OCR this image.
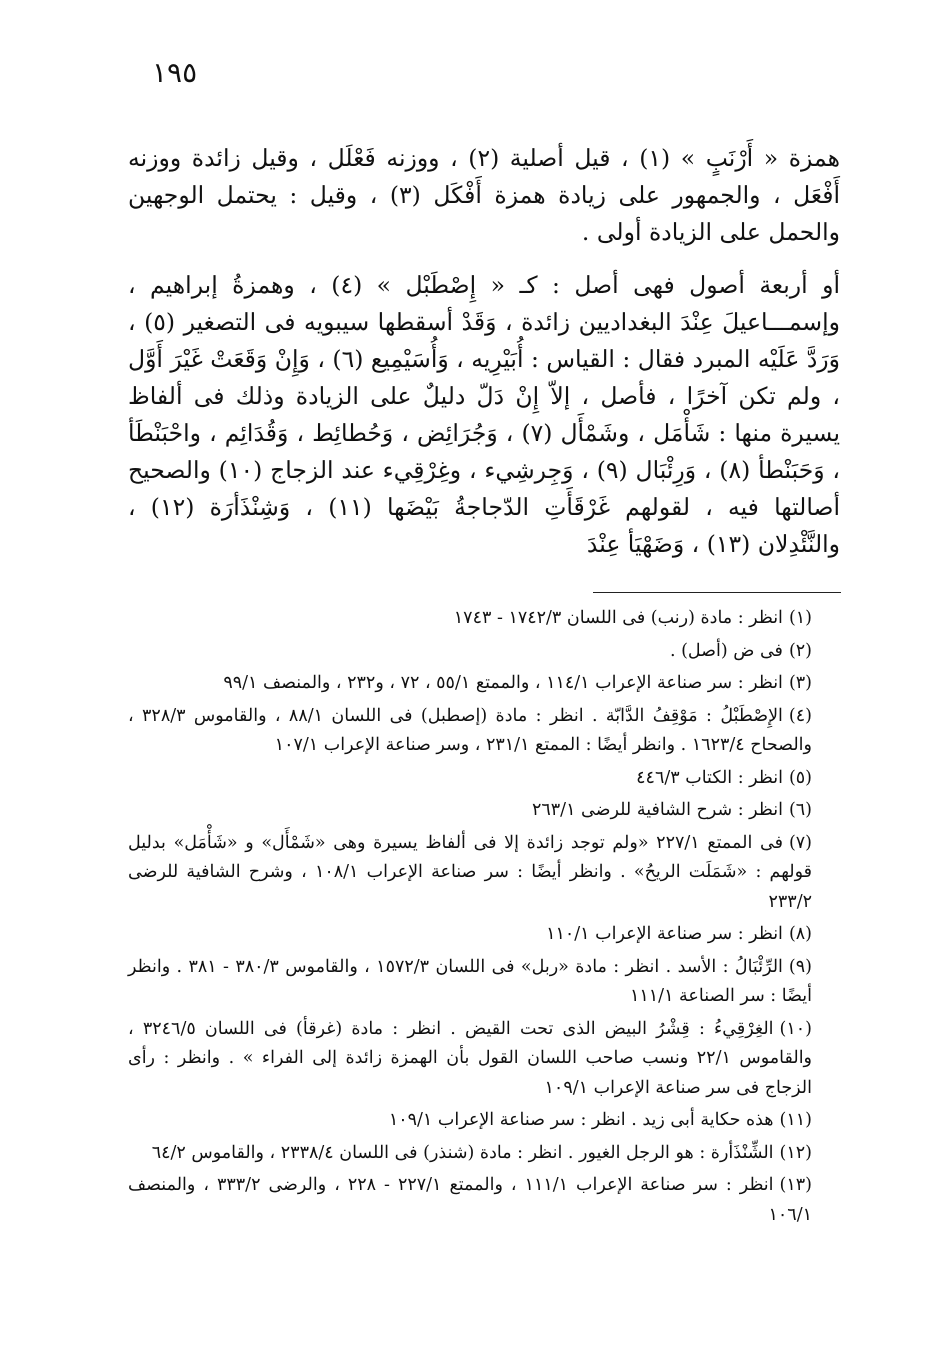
١٩٥

همزة « أَرْنَبٍ » (١) ، قيل أصلية (٢) ، ووزنه فَعْلَل ، وقيل زائدة ووزنه أَفْعَل ، والجمهور على زيادة همزة أَفْكَل (٣) ، وقيل : يحتمل الوجهين والحمل على الزيادة أولى .

أو أربعة أصول فهى أصل : كـ « إِصْطَبْل » (٤) ، وهمزةُ إبراهيم ، وإسمـــاعيلَ عِنْدَ البغداديين زائدة ، وَقَدْ أسقطها سيبويه فى التصغير (٥) ، وَرَدَّ عَلَيْه المبرد فقال : القياس : أُبَيْرِيه ، وَأُسَيْمِيع (٦) ، وَإِنْ وَقَعَتْ غَيْرَ أَوَّل ، ولم تكن آخرًا ، فأصل ، إلاّ إِنْ دَلّ دليلٌ على الزيادة وذلك فى ألفاظ يسيرة منها : شَأْمَل ، وشَمْأَل (٧) ، وَجُرَائِض ، وَحُطائِط ، وَقُدَائِم ، واحْبَنْطَأ ، وَحَبَنْطأ (٨) ، وَرِئْبَال (٩) ، وَجِرشِيء ، وغِرْقِيء عند الزجاج (١٠) والصحيح أصالتها فيه ، لقولهم غَرْقَأَتِ الدّجاجةُ بَيْضَها (١١) ، وَشِنْذَأرَة (١٢) ، والنَّئْدِلان (١٣) ، وَضَهْيَأ عِنْدَ

(١)انظر : مادة (رنب) فى اللسان ١٧٤٢/٣ - ١٧٤٣

(٢)فى ض (أصل) .

(٣)انظر : سر صناعة الإعراب ١١٤/١ ، والممتع ٥٥/١ ، ٧٢ ، و٢٣٢ ، والمنصف ٩٩/١

(٤)الإِصْطَبْلُ : مَوْقِفُ الدَّابّة . انظر : مادة (إصطبل) فى اللسان ٨٨/١ ، والقاموس ٣٢٨/٣ ، والصحاح ١٦٢٣/٤ . وانظر أيضًا : الممتع ٢٣١/١ ، وسر صناعة الإعراب ١٠٧/١

(٥)انظر : الكتاب ٤٤٦/٣

(٦)انظر : شرح الشافية للرضى ٢٦٣/١

(٧)فى الممتع ٢٢٧/١ «ولم توجد زائدة إلا فى ألفاظ يسيرة وهى «شَمْأَل» و «شَأْمَل» بدليل قولهم : «شَمَلَت الريحُ» . وانظر أيضًا : سر صناعة الإعراب ١٠٨/١ ، وشرح الشافية للرضى ٢٣٣/٢

(٨)انظر : سر صناعة الإعراب ١١٠/١

(٩)الرِّئْبَالُ : الأسد . انظر : مادة «ربل» فى اللسان ١٥٧٢/٣ ، والقاموس ٣٨٠/٣ - ٣٨١ . وانظر أيضًا : سر الصناعة ١١١/١

(١٠)الغِرْقِيءُ : قِشْرُ البيض الذى تحت القيض . انظر : مادة (غرقأ) فى اللسان ٣٢٤٦/٥ ، والقاموس ٢٢/١ ونسب صاحب اللسان القول بأن الهمزة زائدة إلى الفراء » . وانظر : رأى الزجاج فى سر صناعة الإعراب ١٠٩/١

(١١)هذه حكاية أبى زيد . انظر : سر صناعة الإعراب ١٠٩/١

(١٢)الشِّنْذَأرة : هو الرجل الغيور . انظر : مادة (شنذر) فى اللسان ٢٣٣٨/٤ ، والقاموس ٦٤/٢

(١٣)انظر : سر صناعة الإعراب ١١١/١ ، والممتع ٢٢٧/١ - ٢٢٨ ، والرضى ٣٣٣/٢ ، والمنصف ١٠٦/١
